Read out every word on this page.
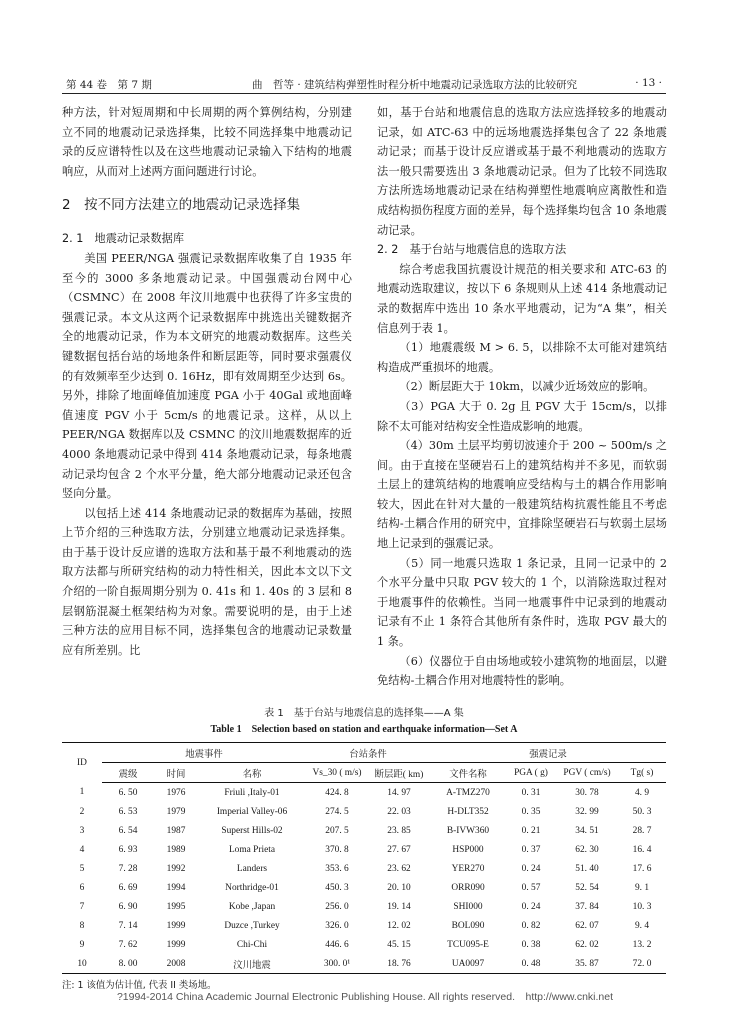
第 44 卷　第 7 期	曲　哲等 · 建筑结构弹塑性时程分析中地震动记录选取方法的比较研究	· 13 ·

种方法，针对短周期和中长周期的两个算例结构，分别建立不同的地震动记录选择集，比较不同选择集中地震动记录的反应谱特性以及在这些地震动记录输入下结构的地震响应，从而对上述两方面问题进行讨论。

2　按不同方法建立的地震动记录选择集
2. 1　地震动记录数据库

美国 PEER/NGA 强震记录数据库收集了自 1935 年至今的 3000 多条地震动记录。中国强震动台网中心（CSMNC）在 2008 年汶川地震中也获得了许多宝贵的强震记录。本文从这两个记录数据库中挑选出关键数据齐全的地震动记录，作为本文研究的地震动数据库。这些关键数据包括台站的场地条件和断层距等，同时要求强震仪的有效频率至少达到 0. 16Hz，即有效周期至少达到 6s。另外，排除了地面峰值加速度 PGA 小于 40Gal 或地面峰值速度 PGV 小于 5cm/s 的地震记录。这样，从以上 PEER/NGA 数据库以及 CSMNC 的汶川地震数据库的近 4000 条地震动记录中得到 414 条地震动记录，每条地震动记录均包含 2 个水平分量，绝大部分地震动记录还包含竖向分量。

以包括上述 414 条地震动记录的数据库为基础，按照上节介绍的三种选取方法，分别建立地震动记录选择集。由于基于设计反应谱的选取方法和基于最不利地震动的选取方法都与所研究结构的动力特性相关，因此本文以下文介绍的一阶自振周期分别为 0. 41s 和 1. 40s 的 3 层和 8 层钢筋混凝土框架结构为对象。需要说明的是，由于上述三种方法的应用目标不同，选择集包含的地震动记录数量应有所差别。比

如，基于台站和地震信息的选取方法应选择较多的地震动记录，如 ATC-63 中的远场地震选择集包含了 22 条地震动记录；而基于设计反应谱或基于最不利地震动的选取方法一般只需要选出 3 条地震动记录。但为了比较不同选取方法所选场地震动记录在结构弹塑性地震响应离散性和造成结构损伤程度方面的差异，每个选择集均包含 10 条地震动记录。

2. 2　基于台站与地震信息的选取方法

综合考虑我国抗震设计规范的相关要求和 ATC-63 的地震动选取建议，按以下 6 条规则从上述 414 条地震动记录的数据库中选出 10 条水平地震动，记为“A 集”，相关信息列于表 1。

（1）地震震级 M > 6. 5，以排除不太可能对建筑结构造成严重损坏的地震。

（2）断层距大于 10km，以减少近场效应的影响。

（3）PGA 大于 0. 2g 且 PGV 大于 15cm/s，以排除不太可能对结构安全性造成影响的地震。

（4）30m 土层平均剪切波速介于 200 ~ 500m/s 之间。由于直接在坚硬岩石上的建筑结构并不多见，而软弱土层上的建筑结构的地震响应受结构与土的耦合作用影响较大，因此在针对大量的一般建筑结构抗震性能且不考虑结构-土耦合作用的研究中，宜排除坚硬岩石与软弱土层场地上记录到的强震记录。

（5）同一地震只选取 1 条记录，且同一记录中的 2 个水平分量中只取 PGV 较大的 1 个，以消除选取过程对于地震事件的依赖性。当同一地震事件中记录到的地震动记录有不止 1 条符合其他所有条件时，选取 PGV 最大的 1 条。

（6）仪器位于自由场地或较小建筑物的地面层，以避免结构-土耦合作用对地震特性的影响。

表 1　基于台站与地震信息的选择集——A 集
Table 1　Selection based on station and earthquake information—Set A
ID	地震事件			台站条件		强震记录			
	震级	时间	名称	Vs_30 ( m/s)	断层距( km)	文件名称	PGA ( g)	PGV ( cm/s)	Tg( s)
1	6. 50	1976	Friuli ,Italy-01	424. 8	14. 97	A-TMZ270	0. 31	30. 78	4. 9
2	6. 53	1979	Imperial Valley-06	274. 5	22. 03	H-DLT352	0. 35	32. 99	50. 3
3	6. 54	1987	Superst Hills-02	207. 5	23. 85	B-IVW360	0. 21	34. 51	28. 7
4	6. 93	1989	Loma Prieta	370. 8	27. 67	HSP000	0. 37	62. 30	16. 4
5	7. 28	1992	Landers	353. 6	23. 62	YER270	0. 24	51. 40	17. 6
6	6. 69	1994	Northridge-01	450. 3	20. 10	ORR090	0. 57	52. 54	9. 1
7	6. 90	1995	Kobe ,Japan	256. 0	19. 14	SHI000	0. 24	37. 84	10. 3
8	7. 14	1999	Duzce ,Turkey	326. 0	12. 02	BOL090	0. 82	62. 07	9. 4
9	7. 62	1999	Chi-Chi	446. 6	45. 15	TCU095-E	0. 38	62. 02	13. 2
10	8. 00	2008	汶川地震	300. 0¹	18. 76	UA0097	0. 48	35. 87	72. 0
注: 1 该值为估计值, 代表 II 类场地。
?1994-2014 China Academic Journal Electronic Publishing House. All rights reserved.　http://www.cnki.net
